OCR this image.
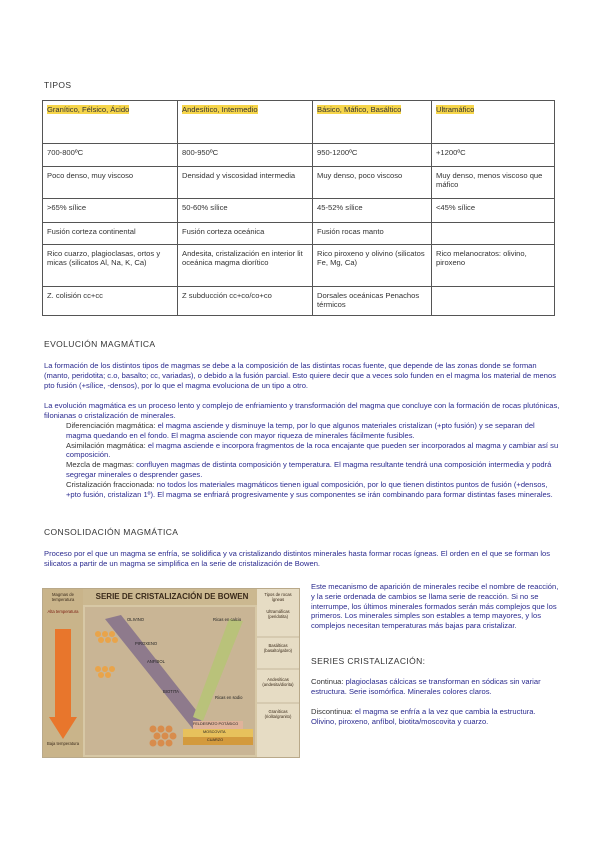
TIPOS
Granítico, Félsico, Ácido	Andesítico, Intermedio	Básico, Máfico, Basáltico	Ultramáfico
700-800ºC	800-950ºC	950-1200ºC	+1200ºC
Poco denso, muy viscoso	Densidad y viscosidad intermedia	Muy denso, poco viscoso	Muy denso, menos viscoso que máfico
>65% sílice	50-60% sílice	45-52% sílice	<45% sílice
Fusión corteza continental	Fusión corteza oceánica	Fusión rocas manto	
Rico cuarzo, plagioclasas, ortos y micas (silicatos Al, Na, K, Ca)	Andesita, cristalización en interior lit oceánica magma diorítico	Rico piroxeno y olivino (silicatos Fe, Mg, Ca)	Rico melanocratos: olivino, piroxeno
Z. colisión cc+cc	Z subducción cc+co/co+co	Dorsales oceánicas Penachos térmicos	
EVOLUCIÓN MAGMÁTICA
La formación de los distintos tipos de magmas se debe a la composición de las distintas rocas fuente, que depende de las zonas donde se forman (manto, peridotita; c.o, basalto; cc, variadas), o debido a la fusión parcial. Esto quiere decir que a veces solo funden en el magma los material de menos pto fusión (+sílice, -densos), por lo que el magma evoluciona de un tipo a otro.
La evolución magmática es un proceso lento y complejo de enfriamiento y transformación del magma que concluye con la formación de rocas plutónicas, filonianas o cristalización de minerales.
Diferenciación magmática: el magma asciende y disminuye la temp, por lo que algunos materiales cristalizan (+pto fusión) y se separan del magma quedando en el fondo. El magma asciende con mayor riqueza de minerales fácilmente fusibles.
Asimilación magmática: el magma asciende e incorpora fragmentos de la roca encajante que pueden ser incorporados al magma y cambiar así su composición.
Mezcla de magmas: confluyen magmas de distinta composición y temperatura. El magma resultante tendrá una composición intermedia y podrá segregar minerales o desprender gases.
Cristalización fraccionada: no todos los materiales magmáticos tienen igual composición, por lo que tienen distintos puntos de fusión (+densos, +pto fusión, cristalizan 1º). El magma se enfriará progresivamente y sus componentes se irán combinando para formar distintas fases minerales.
CONSOLIDACIÓN MAGMÁTICA
Proceso por el que un magma se enfría, se solidifica y va cristalizando distintos minerales hasta formar rocas ígneas. El orden en el que se forman los silicatos a partir de un magma se simplifica en la serie de cristalización de Bowen.
SERIE DE CRISTALIZACIÓN DE BOWEN
Magmas de temperatura
Alta temperatura
Baja temperatura
Tipos de rocas ígneas
Ultramáficas (peridotita)
Basálticas (basalto/gabro)
Andesíticas (andesita/diorita)
Graníticas (riolita/granito)
OLIVINO
PIROXENO
ANFÍBOL
BIOTITA
FELDESPATO POTÁSICO
MOSCOVITA
CUARZO
Ricas en calcio
Ricas en sodio
Este mecanismo de aparición de minerales recibe el nombre de reacción, y la serie ordenada de cambios se llama serie de reacción. Si no se interrumpe, los últimos minerales formados serán más complejos que los primeros. Los minerales simples son estables a temp mayores, y los complejos necesitan temperaturas más bajas para cristalizar.
SERIES CRISTALIZACIÓN:
Continua: plagioclasas cálcicas se transforman en sódicas sin variar estructura. Serie isomórfica. Minerales colores claros.
Discontinua: el magma se enfría a la vez que cambia la estructura. Olivino, piroxeno, anfíbol, biotita/moscovita y cuarzo.
